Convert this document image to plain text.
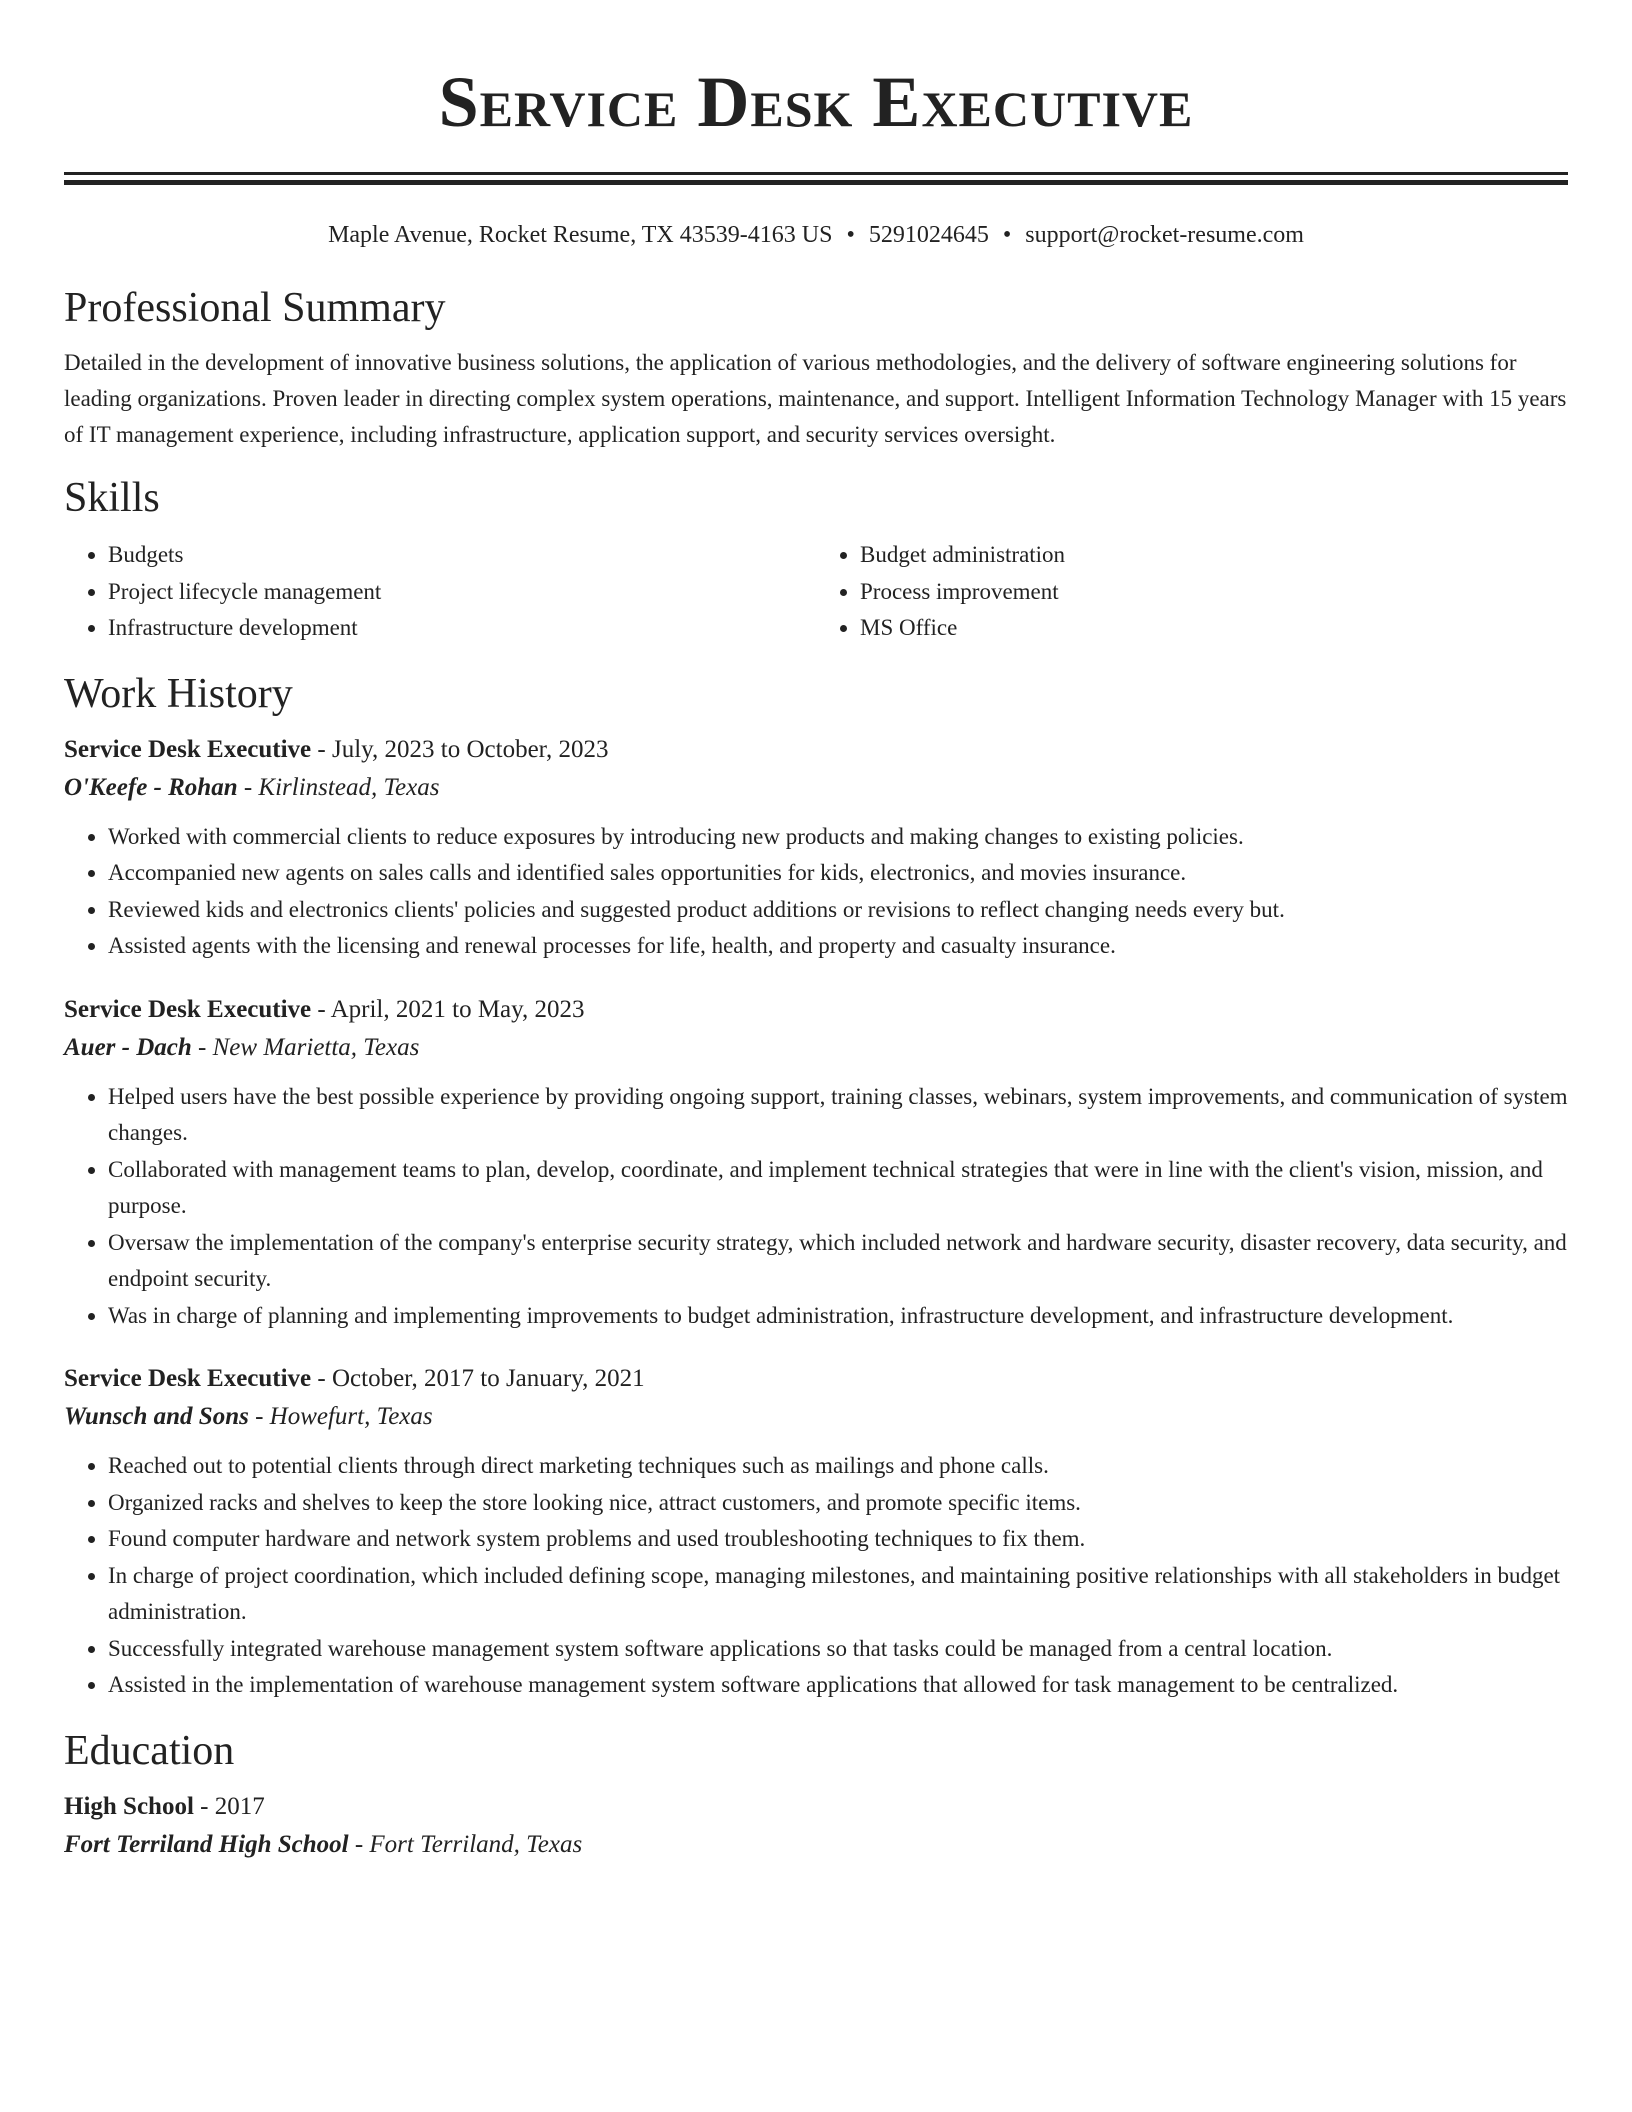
Service Desk Executive
Maple Avenue, Rocket Resume, TX 43539-4163 US • 5291024645 • support@rocket-resume.com
Professional Summary

Detailed in the development of innovative business solutions, the application of various methodologies, and the delivery of software engineering solutions for leading organizations. Proven leader in directing complex system operations, maintenance, and support. Intelligent Information Technology Manager with 15 years of IT management experience, including infrastructure, application support, and security services oversight.

Skills
• Budgets
• Project lifecycle management
• Infrastructure development
• Budget administration
• Process improvement
• MS Office
Work History
Service Desk Executive - July, 2023 to October, 2023
O'Keefe - Rohan - Kirlinstead, Texas
• Worked with commercial clients to reduce exposures by introducing new products and making changes to existing policies.
• Accompanied new agents on sales calls and identified sales opportunities for kids, electronics, and movies insurance.
• Reviewed kids and electronics clients' policies and suggested product additions or revisions to reflect changing needs every but.
• Assisted agents with the licensing and renewal processes for life, health, and property and casualty insurance.
Service Desk Executive - April, 2021 to May, 2023
Auer - Dach - New Marietta, Texas
• Helped users have the best possible experience by providing ongoing support, training classes, webinars, system improvements, and communication of system changes.
• Collaborated with management teams to plan, develop, coordinate, and implement technical strategies that were in line with the client's vision, mission, and purpose.
• Oversaw the implementation of the company's enterprise security strategy, which included network and hardware security, disaster recovery, data security, and endpoint security.
• Was in charge of planning and implementing improvements to budget administration, infrastructure development, and infrastructure development.
Service Desk Executive - October, 2017 to January, 2021
Wunsch and Sons - Howefurt, Texas
• Reached out to potential clients through direct marketing techniques such as mailings and phone calls.
• Organized racks and shelves to keep the store looking nice, attract customers, and promote specific items.
• Found computer hardware and network system problems and used troubleshooting techniques to fix them.
• In charge of project coordination, which included defining scope, managing milestones, and maintaining positive relationships with all stakeholders in budget administration.
• Successfully integrated warehouse management system software applications so that tasks could be managed from a central location.
• Assisted in the implementation of warehouse management system software applications that allowed for task management to be centralized.
Education
High School - 2017
Fort Terriland High School - Fort Terriland, Texas
